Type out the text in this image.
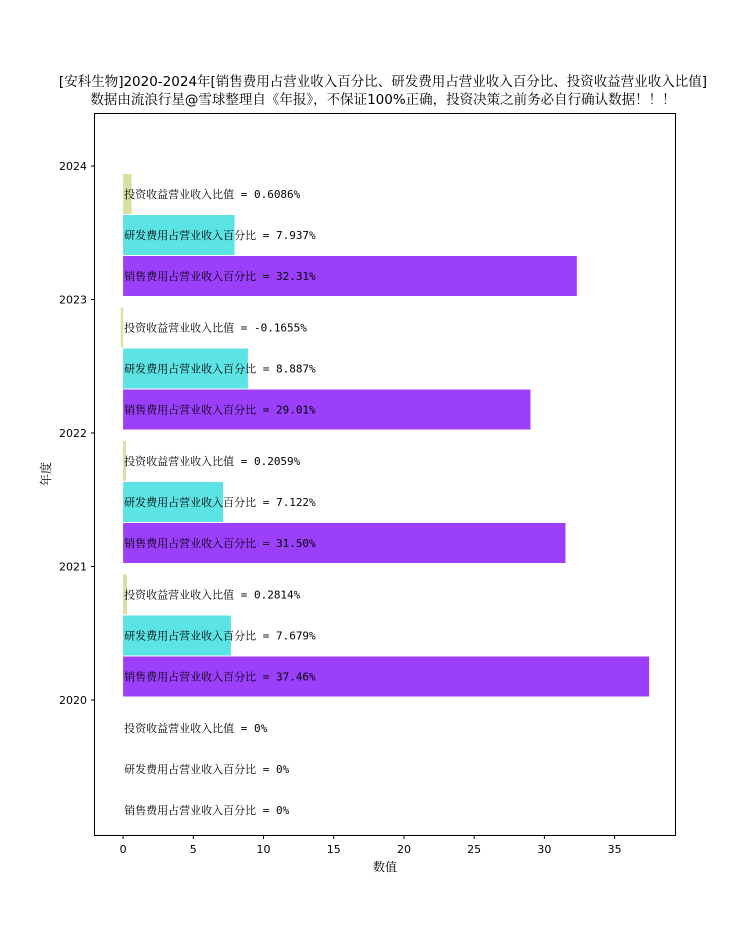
[安科生物]2020-2024年[销售费用占营业收入百分比、研发费用占营业收入百分比、投资收益营业收入比值]
数据由流浪行星@雪球整理自《年报》，不保证100%正确，投资决策之前务必自行确认数据！！！
销售费用占营业收入百分比 = 0%
销售费用占营业收入百分比 = 37.46%
销售费用占营业收入百分比 = 31.50%
销售费用占营业收入百分比 = 29.01%
销售费用占营业收入百分比 = 32.31%
研发费用占营业收入百分比 = 0%
研发费用占营业收入百分比 = 7.679%
研发费用占营业收入百分比 = 7.122%
研发费用占营业收入百分比 = 8.887%
研发费用占营业收入百分比 = 7.937%
投资收益营业收入比值 = 0%
投资收益营业收入比值 = 0.2814%
投资收益营业收入比值 = 0.2059%
投资收益营业收入比值 = -0.1655%
投资收益营业收入比值 = 0.6086%
0	5	10	15	20	25	30	35
2020
2021
2022
2023
2024
数值
年度
